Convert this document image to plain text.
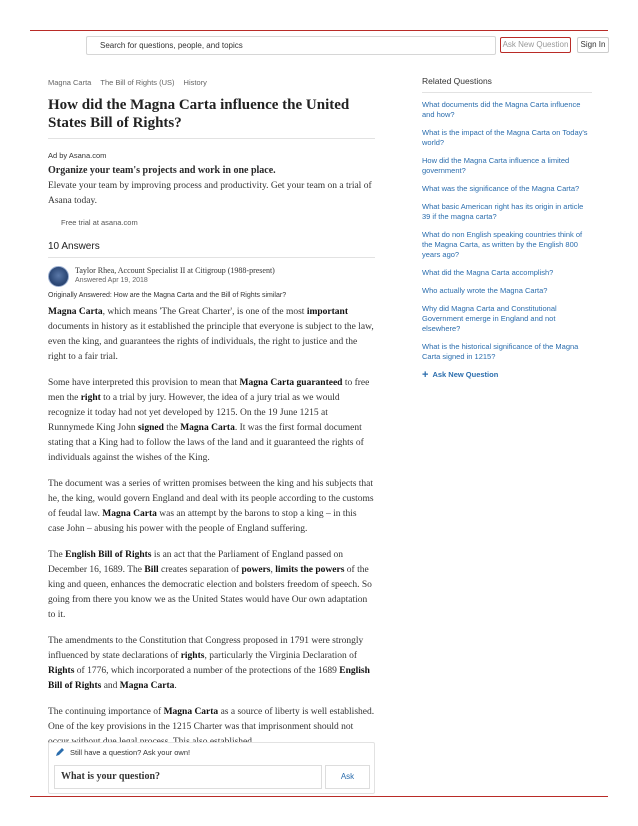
Search for questions, people, and topics	Ask New Question	Sign In
Magna Carta The Bill of Rights (US) History
How did the Magna Carta influence the United States Bill of Rights?
Ad by Asana.com
Organize your team's projects and work in one place.
Elevate your team by improving process and productivity. Get your team on a trial of Asana today.
Free trial at asana.com
10 Answers
Taylor Rhea, Account Specialist II at Citigroup (1988-present)
Answered Apr 19, 2018
Originally Answered: How are the Magna Carta and the Bill of Rights similar?

Magna Carta, which means 'The Great Charter', is one of the most important documents in history as it established the principle that everyone is subject to the law, even the king, and guarantees the rights of individuals, the right to justice and the right to a fair trial.

Some have interpreted this provision to mean that Magna Carta guaranteed to free men the right to a trial by jury. However, the idea of a jury trial as we would recognize it today had not yet developed by 1215. On the 19 June 1215 at Runnymede King John signed the Magna Carta. It was the first formal document stating that a King had to follow the laws of the land and it guaranteed the rights of individuals against the wishes of the King.

The document was a series of written promises between the king and his subjects that he, the king, would govern England and deal with its people according to the customs of feudal law. Magna Carta was an attempt by the barons to stop a king – in this case John – abusing his power with the people of England suffering.

The English Bill of Rights is an act that the Parliament of England passed on December 16, 1689. The Bill creates separation of powers, limits the powers of the king and queen, enhances the democratic election and bolsters freedom of speech. So going from there you know we as the United States would have Our own adaptation to it.

The amendments to the Constitution that Congress proposed in 1791 were strongly influenced by state declarations of rights, particularly the Virginia Declaration of Rights of 1776, which incorporated a number of the protections of the 1689 English Bill of Rights and Magna Carta.

The continuing importance of Magna Carta as a source of liberty is well established. One of the key provisions in the 1215 Charter was that imprisonment should not

Related Questions
What documents did the Magna Carta influence and how?
What is the impact of the Magna Carta on Today's world?
How did the Magna Carta influence a limited government?
What was the significance of the Magna Carta?
What basic American right has its origin in article 39 if the magna carta?
What do non English speaking countries think of the Magna Carta, as written by the English 800 years ago?
What did the Magna Carta accomplish?
Who actually wrote the Magna Carta?
Why did Magna Carta and Constitutional Government emerge in England and not elsewhere?
What is the historical significance of the Magna Carta signed in 1215?
+ Ask New Question
Still have a question? Ask your own!
What is your question?	Ask
